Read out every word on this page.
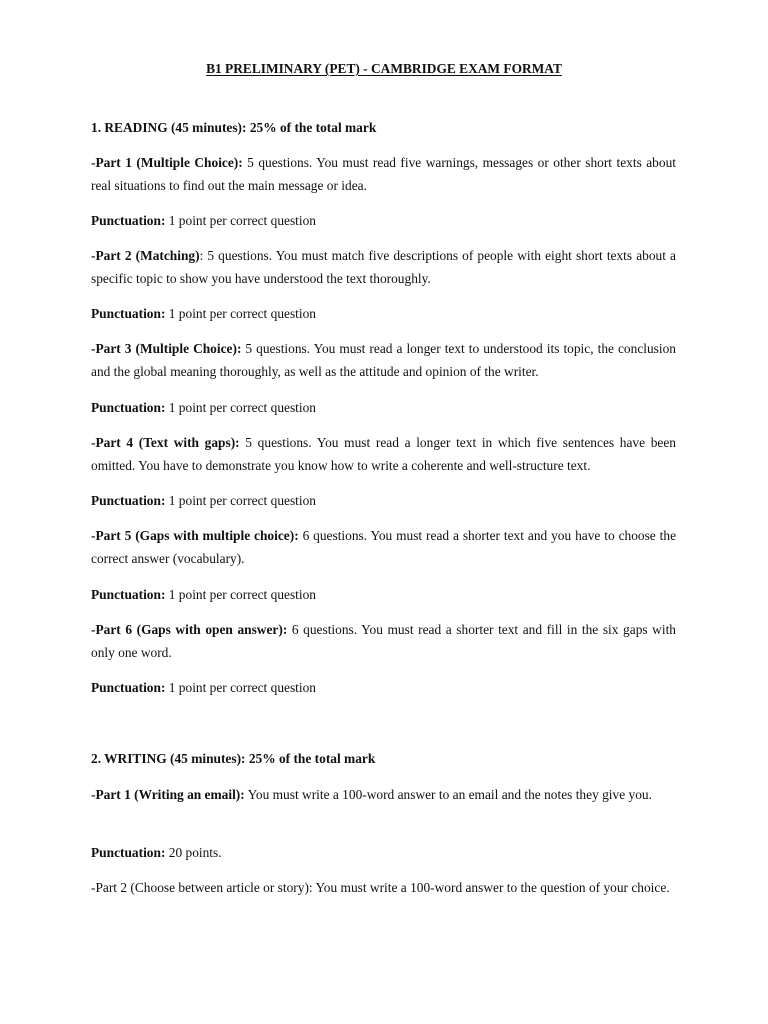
B1 PRELIMINARY (PET) - CAMBRIDGE EXAM FORMAT

1. READING (45 minutes): 25% of the total mark

-Part 1 (Multiple Choice): 5 questions. You must read five warnings, messages or other short texts about real situations to find out the main message or idea.

Punctuation: 1 point per correct question

-Part 2 (Matching): 5 questions. You must match five descriptions of people with eight short texts about a specific topic to show you have understood the text thoroughly.

Punctuation: 1 point per correct question

-Part 3 (Multiple Choice): 5 questions. You must read a longer text to understood its topic, the conclusion and the global meaning thoroughly, as well as the attitude and opinion of the writer.

Punctuation: 1 point per correct question

-Part 4 (Text with gaps): 5 questions. You must read a longer text in which five sentences have been omitted. You have to demonstrate you know how to write a coherente and well-structure text.

Punctuation: 1 point per correct question

-Part 5 (Gaps with multiple choice): 6 questions. You must read a shorter text and you have to choose the correct answer (vocabulary).

Punctuation: 1 point per correct question

-Part 6 (Gaps with open answer): 6 questions. You must read a shorter text and fill in the six gaps with only one word.

Punctuation: 1 point per correct question

2. WRITING (45 minutes): 25% of the total mark

-Part 1 (Writing an email): You must write a 100-word answer to an email and the notes they give you.

Punctuation: 20 points.

-Part 2 (Choose between article or story): You must write a 100-word answer to the question of your choice.
